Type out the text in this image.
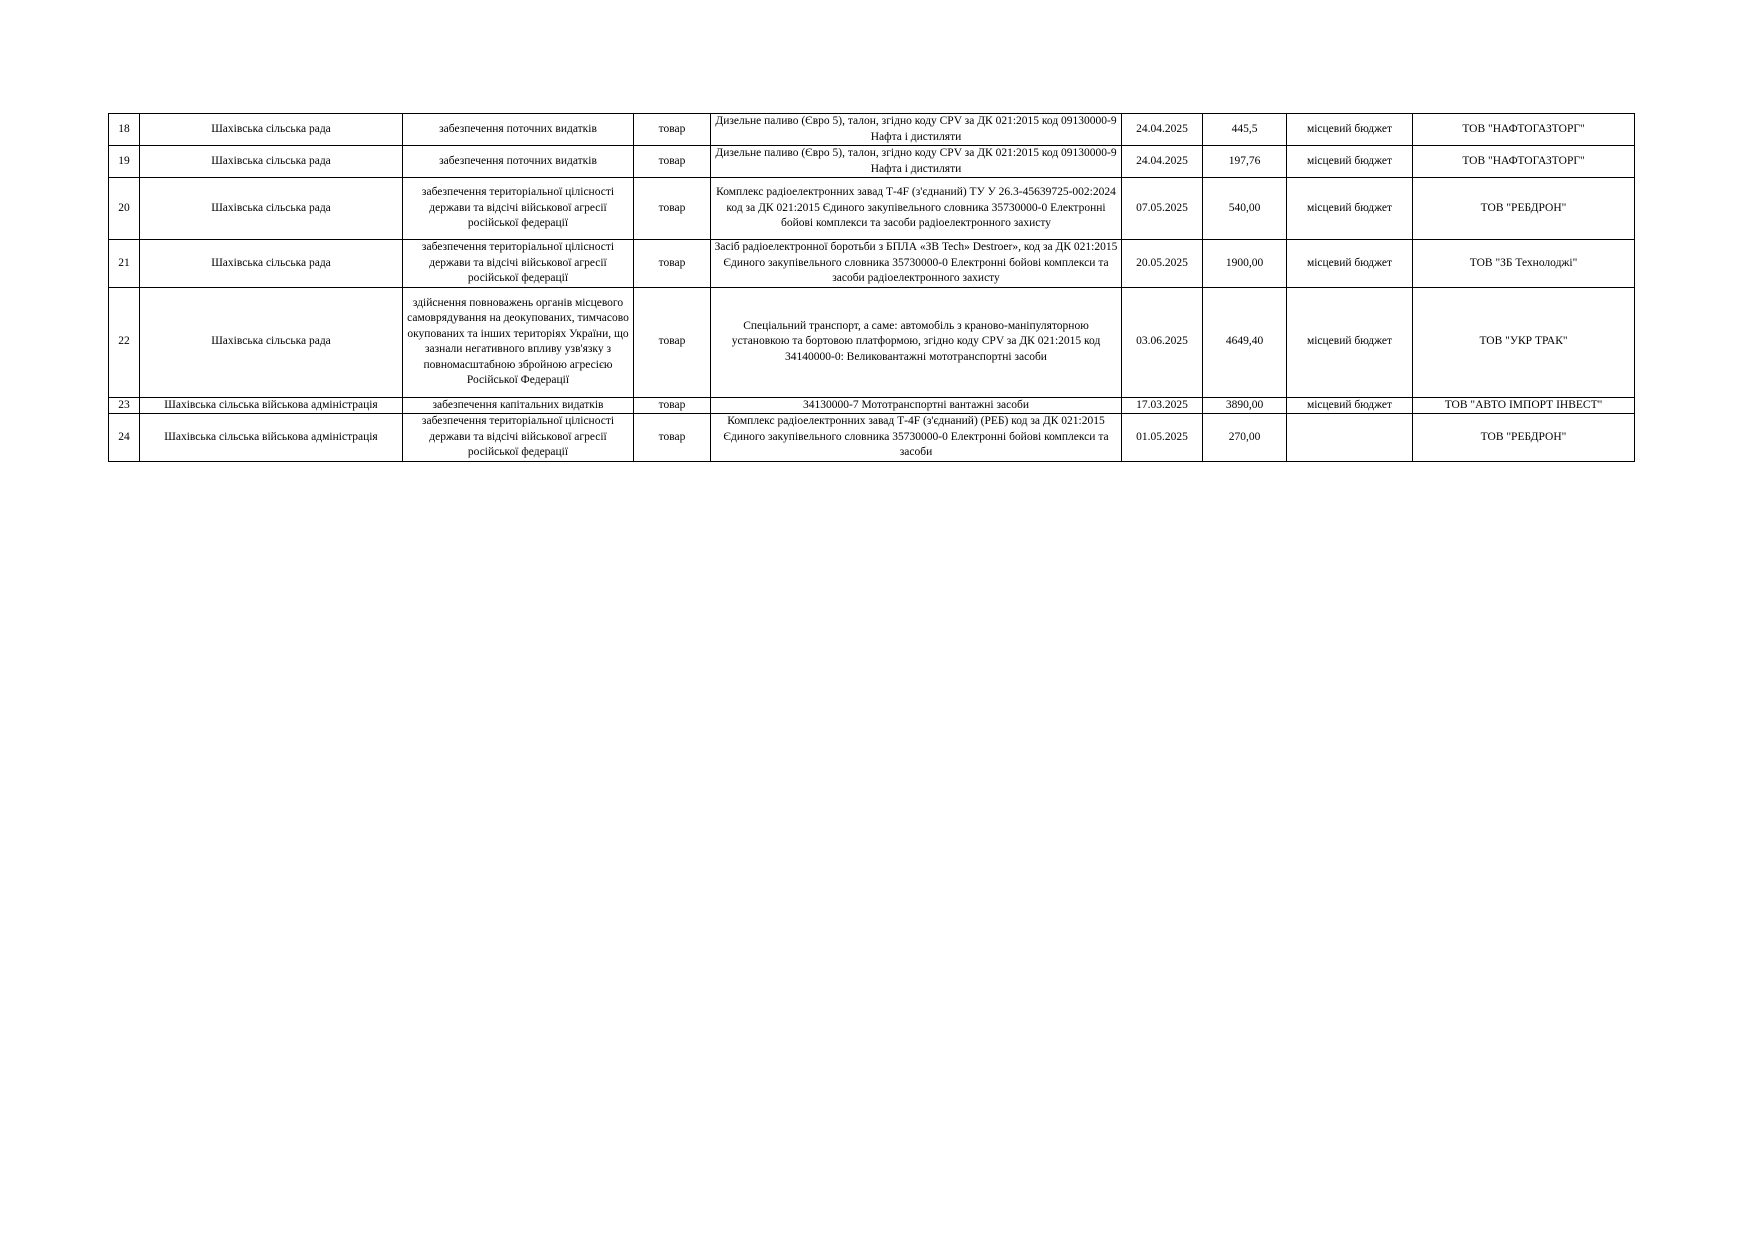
18	Шахівська сільська рада	забезпечення поточних видатків	товар	Дизельне паливо (Євро 5), талон, згідно коду CPV за ДК 021:2015 код 09130000-9 Нафта і дистиляти	24.04.2025	445,5	місцевий бюджет	ТОВ "НАФТОГАЗТОРГ"
19	Шахівська сільська рада	забезпечення поточних видатків	товар	Дизельне паливо (Євро 5), талон, згідно коду CPV за ДК 021:2015 код 09130000-9 Нафта і дистиляти	24.04.2025	197,76	місцевий бюджет	ТОВ "НАФТОГАЗТОРГ"
20	Шахівська сільська рада	забезпечення територіальної цілісності держави та відсічі військової агресії російської федерації	товар	Комплекс радіоелектронних завад Т-4F (з'єднаний) ТУ У 26.3-45639725-002:2024 код за ДК 021:2015 Єдиного закупівельного словника 35730000-0 Електронні бойові комплекси та засоби радіоелектронного захисту	07.05.2025	540,00	місцевий бюджет	ТОВ "РЕБДРОН"
21	Шахівська сільська рада	забезпечення територіальної цілісності держави та відсічі військової агресії російської федерації	товар	Засіб радіоелектронної боротьби з БПЛА «ЗВ Tech» Destroer», код за ДК 021:2015 Єдиного закупівельного словника 35730000-0 Електронні бойові комплекси та засоби радіоелектронного захисту	20.05.2025	1900,00	місцевий бюджет	ТОВ "ЗБ Технолоджі"
22	Шахівська сільська рада	здійснення повноважень органів місцевого самоврядування на деокупованих, тимчасово окупованих та інших територіях України, що зазнали негативного впливу узв'язку з повномасштабною збройною агресією Російської Федерації	товар	Спеціальний транспорт, а саме: автомобіль з крановo-маніпуляторною установкою та бортовою платформою, згідно коду CPV за ДК 021:2015 код 34140000-0: Великовантажні мототранспортні засоби	03.06.2025	4649,40	місцевий бюджет	ТОВ "УКР ТРАК"
23	Шахівська сільська військова адміністрація	забезпечення капітальних видатків	товар	34130000-7 Мототранспортні вантажні засоби	17.03.2025	3890,00	місцевий бюджет	ТОВ "АВТО ІМПОРТ ІНВЕСТ"
24	Шахівська сільська військова адміністрація	забезпечення територіальної цілісності держави та відсічі військової агресії російської федерації	товар	Комплекс радіоелектронних завад Т-4F (з'єднаний) (РЕБ) код за ДК 021:2015 Єдиного закупівельного словника 35730000-0 Електронні бойові комплекси та засоби	01.05.2025	270,00		ТОВ "РЕБДРОН"
